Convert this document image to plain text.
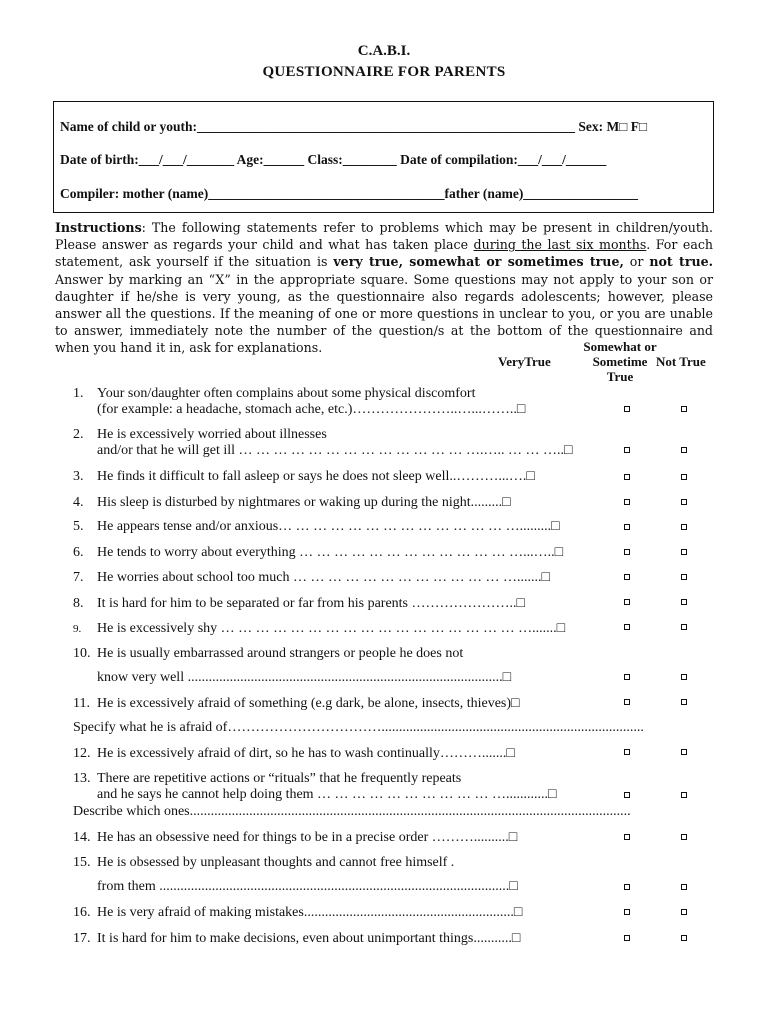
C.A.B.I.
QUESTIONNAIRE FOR PARENTS
Name of child or youth:________________________________________________________ Sex: M□ F□
Date of birth:___/___/_______ Age:______ Class:________ Date of compilation:___/___/______
Compiler: mother (name)___________________________________father (name)_________________

Instructions: The following statements refer to problems which may be present in children/youth. Please answer as regards your child and what has taken place during the last six months. For each statement, ask yourself if the situation is very true, somewhat or sometimes true, or not true. Answer by marking an “X” in the appropriate square. Some questions may not apply to your son or daughter if he/she is very young, as the questionnaire also regards adolescents; however, please answer all the questions. If the meaning of one or more questions in unclear to you, or you are unable to answer, immediately note the number of the question/s at the bottom of the questionnaire and when you hand it in, ask for explanations.

VeryTrue
Somewhat or
Sometime
True
Not True
1. Your son/daughter often complains about some physical discomfort
(for example: a headache, stomach ache, etc.)…………………..…...……..□
2. He is excessively worried about illnesses
and/or that he will get ill … … … … … … … … … … … … … ….….. … … …..□
3. He finds it difficult to fall asleep or says he does not sleep well..………...….□
4. His sleep is disturbed by nightmares or waking up during the night.........□
5. He appears tense and/or anxious… … … … … … … … … … … … … ….........□
6. He tends to worry about everything … … … … … … … … … … … … …...…..□
7. He worries about school too much … … … … … … … … … … … … ….......□
8. It is hard for him to be separated or far from his parents …………………..□
9. He is excessively shy … … … … … … … … … … … … … … … … … ….......□
10. He is usually embarrassed around strangers or people he does not
know very well ..........................................................................................□
11. He is excessively afraid of something (e.g dark, be alone, insects, thieves)□
Specify what he is afraid of……………………………...........................................................................
12. He is excessively afraid of dirt, so he has to wash continually……….......□
13. There are repetitive actions or “rituals” that he frequently repeats
and he says he cannot help doing them … … … … … … … … … … …............□
Describe which ones..............................................................................................................................
14. He has an obsessive need for things to be in a precise order ………..........□
15. He is obsessed by unpleasant thoughts and cannot free himself .
from them ....................................................................................................□
16. He is very afraid of making mistakes............................................................□
17. It is hard for him to make decisions, even about unimportant things...........□
